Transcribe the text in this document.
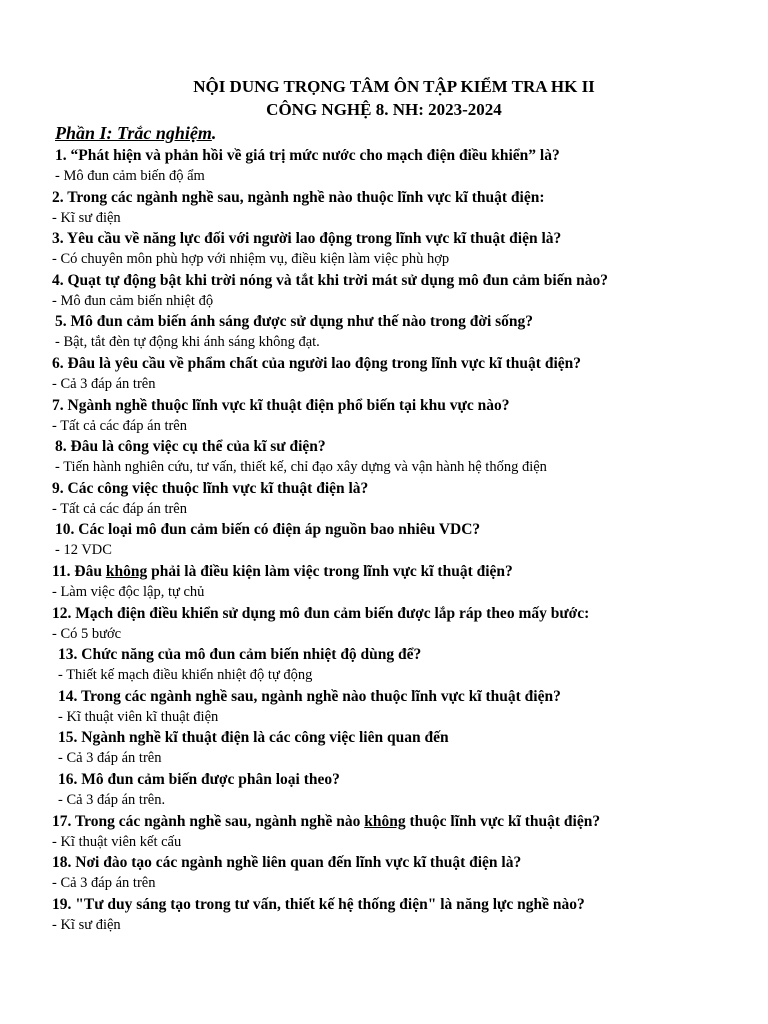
NỘI DUNG TRỌNG TÂM ÔN TẬP KIỂM TRA HK II
CÔNG NGHỆ 8. NH: 2023-2024
Phần I: Trắc nghiệm.
1. “Phát hiện và phản hồi về giá trị mức nước cho mạch điện điều khiển” là?
- Mô đun cảm biến độ ẩm
2. Trong các ngành nghề sau, ngành nghề nào thuộc lĩnh vực kĩ thuật điện:
- Kĩ sư điện
3. Yêu cầu về năng lực đối với người lao động trong lĩnh vực kĩ thuật điện là?
- Có chuyên môn phù hợp với nhiệm vụ, điều kiện làm việc phù hợp
4. Quạt tự động bật khi trời nóng và tắt khi trời mát sử dụng mô đun cảm biến nào?
- Mô đun cảm biến nhiệt độ
5. Mô đun cảm biến ánh sáng được sử dụng như thế nào trong đời sống?
- Bật, tắt đèn tự động khi ánh sáng không đạt.
6. Đâu là yêu cầu về phẩm chất của người lao động trong lĩnh vực kĩ thuật điện?
- Cả 3 đáp án trên
7. Ngành nghề thuộc lĩnh vực kĩ thuật điện phổ biến tại khu vực nào?
- Tất cả các đáp án trên
8. Đâu là công việc cụ thể của kĩ sư điện?
- Tiến hành nghiên cứu, tư vấn, thiết kế, chỉ đạo xây dựng và vận hành hệ thống điện
9. Các công việc thuộc lĩnh vực kĩ thuật điện là?
- Tất cả các đáp án trên
10. Các loại mô đun cảm biến có điện áp nguồn bao nhiêu VDC?
- 12 VDC
11. Đâu không phải là điều kiện làm việc trong lĩnh vực kĩ thuật điện?
- Làm việc độc lập, tự chủ
12. Mạch điện điều khiển sử dụng mô đun cảm biến được lắp ráp theo mấy bước:
- Có 5 bước
13. Chức năng của mô đun cảm biến nhiệt độ dùng để?
- Thiết kế mạch điều khiển nhiệt độ tự động
14. Trong các ngành nghề sau, ngành nghề nào thuộc lĩnh vực kĩ thuật điện?
- Kĩ thuật viên kĩ thuật điện
15. Ngành nghề kĩ thuật điện là các công việc liên quan đến
- Cả 3 đáp án trên
16. Mô đun cảm biến được phân loại theo?
- Cả 3 đáp án trên.
17. Trong các ngành nghề sau, ngành nghề nào không thuộc lĩnh vực kĩ thuật điện?
- Kĩ thuật viên kết cấu
18. Nơi đào tạo các ngành nghề liên quan đến lĩnh vực kĩ thuật điện là?
- Cả 3 đáp án trên
19. "Tư duy sáng tạo trong tư vấn, thiết kế hệ thống điện" là năng lực nghề nào?
- Kĩ sư điện
